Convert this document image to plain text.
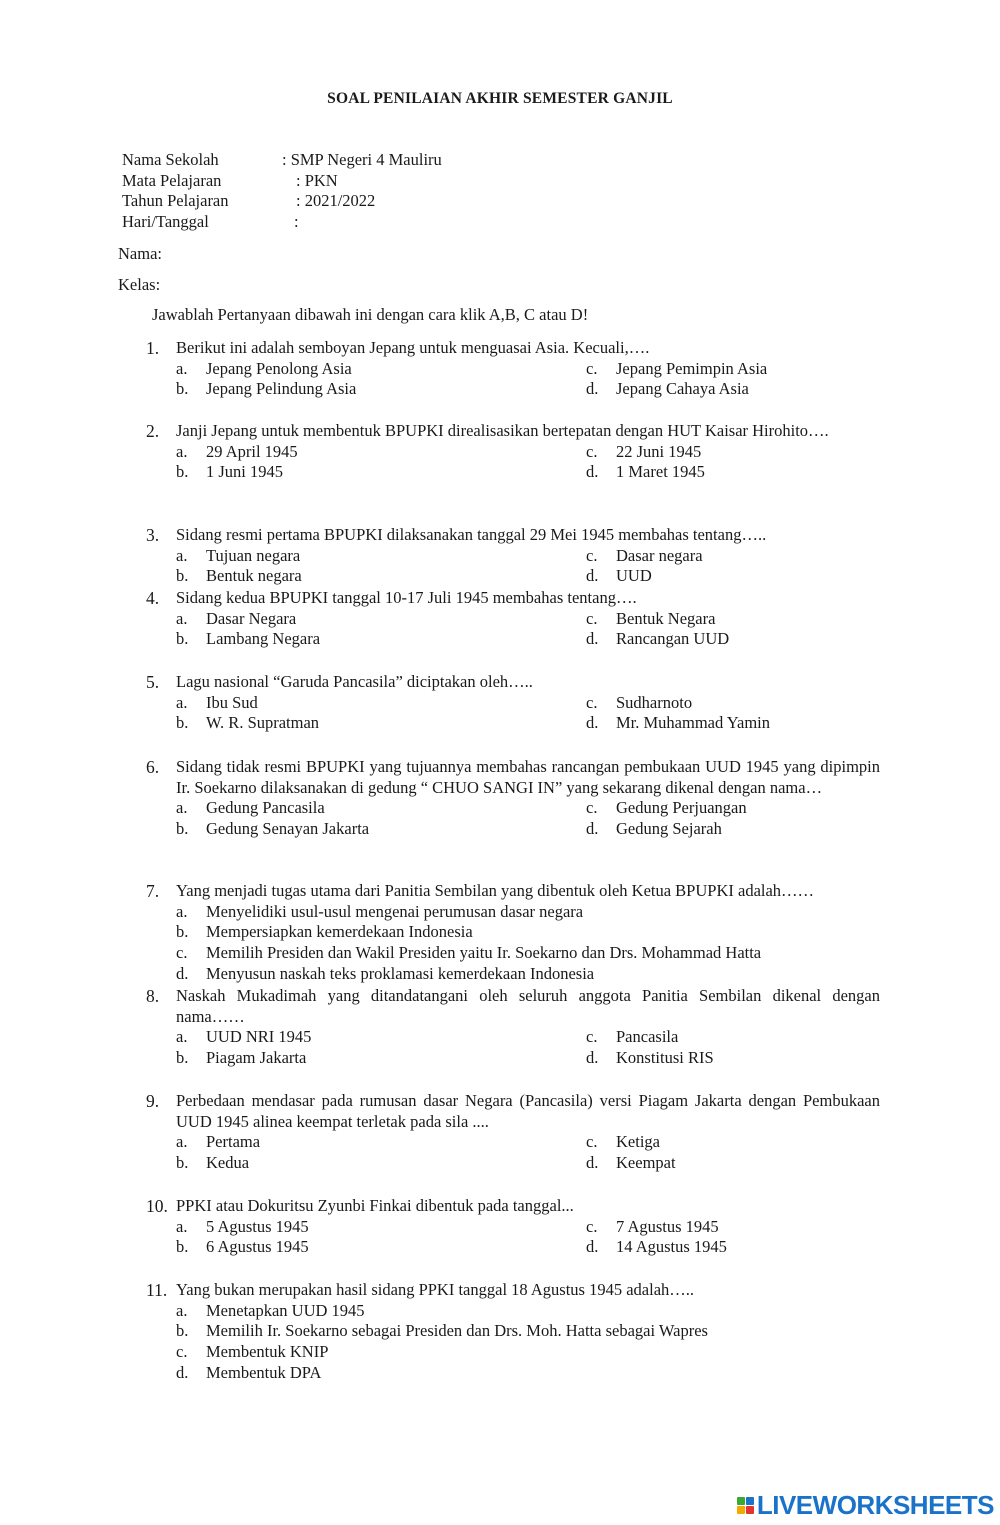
SOAL PENILAIAN AKHIR SEMESTER GANJIL
Nama Sekolah	: SMP Negeri 4 Mauliru
Mata Pelajaran	: PKN
Tahun Pelajaran	: 2021/2022
Hari/Tanggal	:
Nama:
Kelas:
Jawablah Pertanyaan dibawah ini dengan cara klik A,B, C atau D!
1.	Berikut ini adalah semboyan Jepang untuk menguasai Asia. Kecuali,….
a.	Jepang Penolong Asia	c.	Jepang Pemimpin Asia
b.	Jepang Pelindung Asia	d.	Jepang Cahaya Asia
2.	Janji Jepang untuk membentuk BPUPKI direalisasikan bertepatan dengan HUT Kaisar Hirohito….
a.	29 April 1945	c.	22 Juni 1945
b.	1 Juni 1945	d.	1 Maret 1945
3.	Sidang resmi pertama BPUPKI dilaksanakan tanggal 29 Mei 1945 membahas tentang…..
a.	Tujuan negara	c.	Dasar negara
b.	Bentuk negara	d.	UUD
4.	Sidang kedua BPUPKI tanggal 10-17 Juli 1945 membahas tentang….
a.	Dasar Negara	c.	Bentuk Negara
b.	Lambang Negara	d.	Rancangan UUD
5.	Lagu nasional “Garuda Pancasila” diciptakan oleh…..
a.	Ibu Sud	c.	Sudharnoto
b.	W. R. Supratman	d.	Mr. Muhammad Yamin
6.	Sidang tidak resmi BPUPKI yang tujuannya membahas rancangan pembukaan UUD 1945 yang dipimpin Ir. Soekarno dilaksanakan di gedung “ CHUO SANGI IN” yang sekarang dikenal dengan nama…
a.	Gedung Pancasila	c.	Gedung Perjuangan
b.	Gedung Senayan Jakarta	d.	Gedung Sejarah
7.	Yang menjadi tugas utama dari Panitia Sembilan yang dibentuk oleh Ketua BPUPKI adalah……
a.	Menyelidiki usul-usul mengenai perumusan dasar negara
b.	Mempersiapkan kemerdekaan Indonesia
c.	Memilih Presiden dan Wakil Presiden yaitu Ir. Soekarno dan Drs. Mohammad Hatta
d.	Menyusun naskah teks proklamasi kemerdekaan Indonesia
8.	Naskah Mukadimah yang ditandatangani oleh seluruh anggota Panitia Sembilan dikenal dengan nama……
a.	UUD NRI 1945	c.	Pancasila
b.	Piagam Jakarta	d.	Konstitusi RIS
9.	Perbedaan mendasar pada rumusan dasar Negara (Pancasila) versi Piagam Jakarta dengan Pembukaan UUD 1945 alinea keempat terletak pada sila ....
a.	Pertama	c.	Ketiga
b.	Kedua	d.	Keempat
10. PPKI atau Dokuritsu Zyunbi Finkai dibentuk pada tanggal...
a.	5 Agustus 1945	c.	7 Agustus 1945
b.	6 Agustus 1945	d.	14 Agustus 1945
11. Yang bukan merupakan hasil sidang PPKI tanggal 18 Agustus 1945 adalah…..
a.	Menetapkan UUD 1945
b.	Memilih Ir. Soekarno sebagai Presiden dan Drs. Moh. Hatta sebagai Wapres
c.	Membentuk KNIP
d.	Membentuk DPA
LIVEWORKSHEETS
